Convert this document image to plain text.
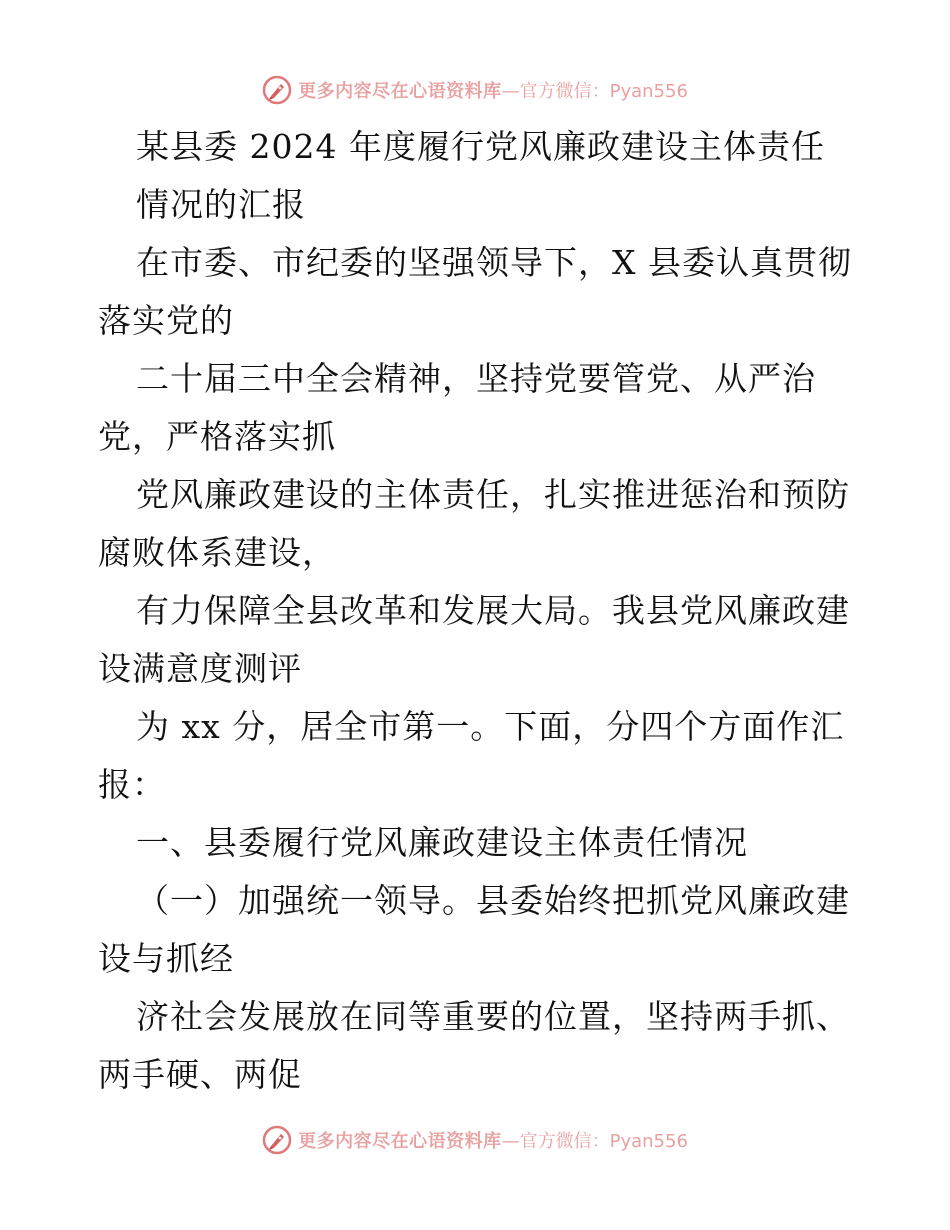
更多内容尽在心语资料库 —官方微信：Pyan556
某县委 2024 年度履行党风廉政建设主体责任
情况的汇报
在市委、市纪委的坚强领导下，X 县委认真贯彻
落实党的
二十届三中全会精神，坚持党要管党、从严治
党，严格落实抓
党风廉政建设的主体责任，扎实推进惩治和预防
腐败体系建设，
有力保障全县改革和发展大局。我县党风廉政建
设满意度测评
为 xx 分，居全市第一。下面，分四个方面作汇
报：
一、县委履行党风廉政建设主体责任情况
（一）加强统一领导。县委始终把抓党风廉政建
设与抓经
济社会发展放在同等重要的位置，坚持两手抓、
两手硬、两促
更多内容尽在心语资料库 —官方微信：Pyan556
